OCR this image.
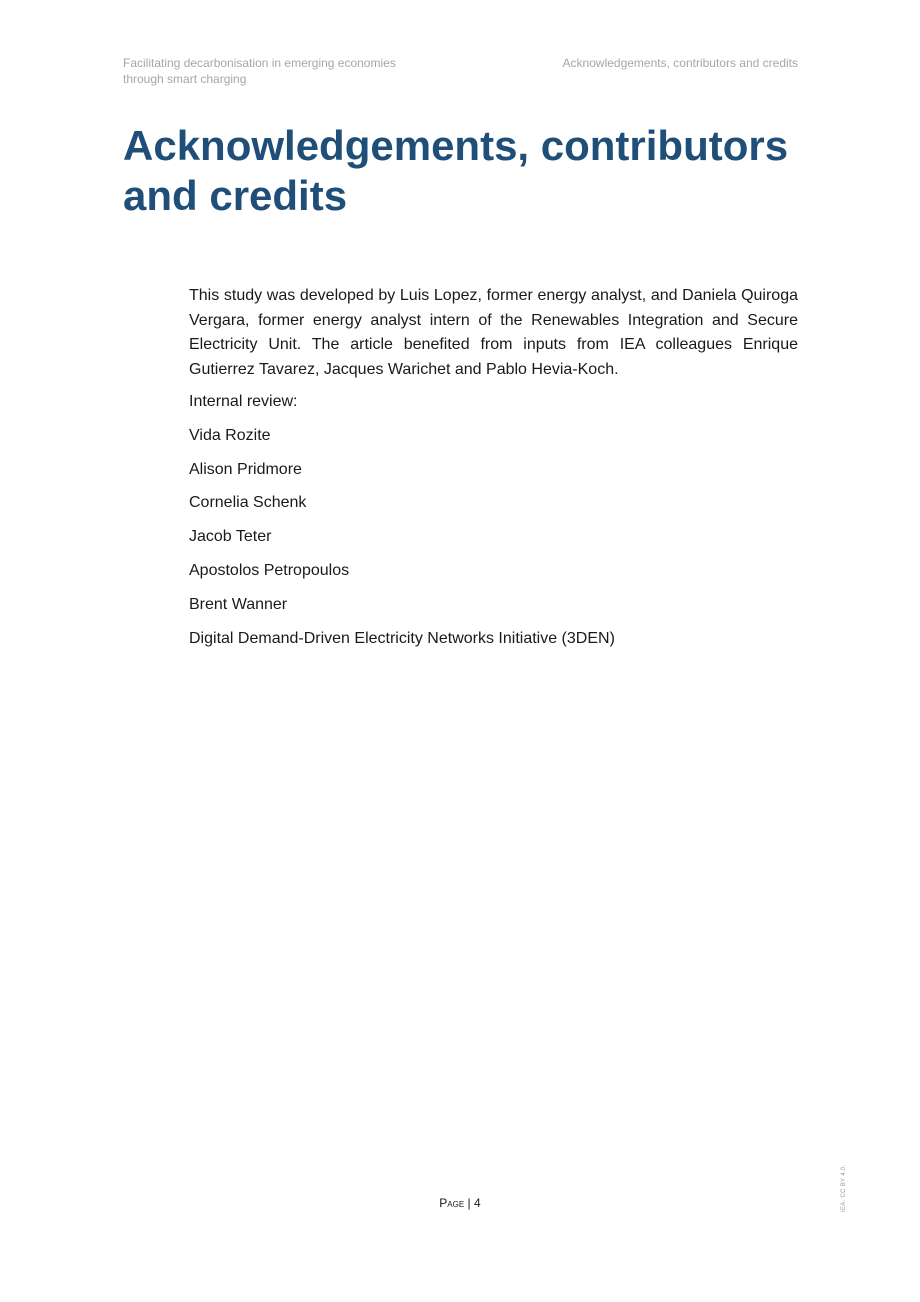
Facilitating decarbonisation in emerging economies
through smart charging
Acknowledgements, contributors and credits
Acknowledgements, contributors
and credits

This study was developed by Luis Lopez, former energy analyst, and Daniela Quiroga Vergara, former energy analyst intern of the Renewables Integration and Secure Electricity Unit. The article benefited from inputs from IEA colleagues Enrique Gutierrez Tavarez, Jacques Warichet and Pablo Hevia-Koch.

Internal review:

Vida Rozite
Alison Pridmore
Cornelia Schenk
Jacob Teter
Apostolos Petropoulos
Brent Wanner
Digital Demand-Driven Electricity Networks Initiative (3DEN)
Page | 4	IEA. CC BY 4.0.
